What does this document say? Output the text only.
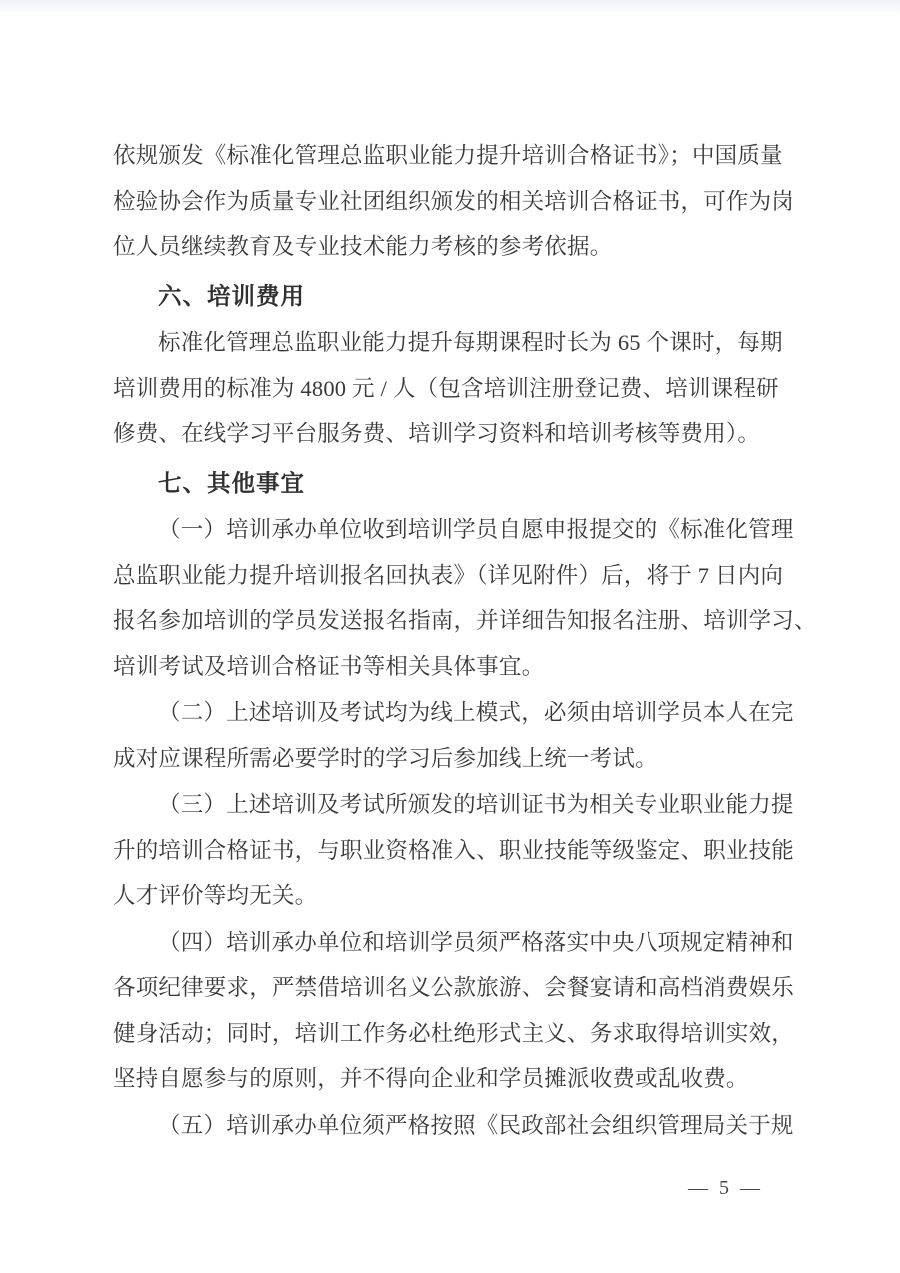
依规颁发《标准化管理总监职业能力提升培训合格证书》；中国质量
检验协会作为质量专业社团组织颁发的相关培训合格证书，可作为岗
位人员继续教育及专业技术能力考核的参考依据。
六、培训费用
标准化管理总监职业能力提升每期课程时长为 65 个课时，每期
培训费用的标准为 4800 元 / 人（包含培训注册登记费、培训课程研
修费、在线学习平台服务费、培训学习资料和培训考核等费用）。
七、其他事宜
（一）培训承办单位收到培训学员自愿申报提交的《标准化管理
总监职业能力提升培训报名回执表》（详见附件）后，将于 7 日内向
报名参加培训的学员发送报名指南，并详细告知报名注册、培训学习、
培训考试及培训合格证书等相关具体事宜。
（二）上述培训及考试均为线上模式，必须由培训学员本人在完
成对应课程所需必要学时的学习后参加线上统一考试。
（三）上述培训及考试所颁发的培训证书为相关专业职业能力提
升的培训合格证书，与职业资格准入、职业技能等级鉴定、职业技能
人才评价等均无关。
（四）培训承办单位和培训学员须严格落实中央八项规定精神和
各项纪律要求，严禁借培训名义公款旅游、会餐宴请和高档消费娱乐
健身活动；同时，培训工作务必杜绝形式主义、务求取得培训实效，
坚持自愿参与的原则，并不得向企业和学员摊派收费或乱收费。
（五）培训承办单位须严格按照《民政部社会组织管理局关于规
— 5 —
